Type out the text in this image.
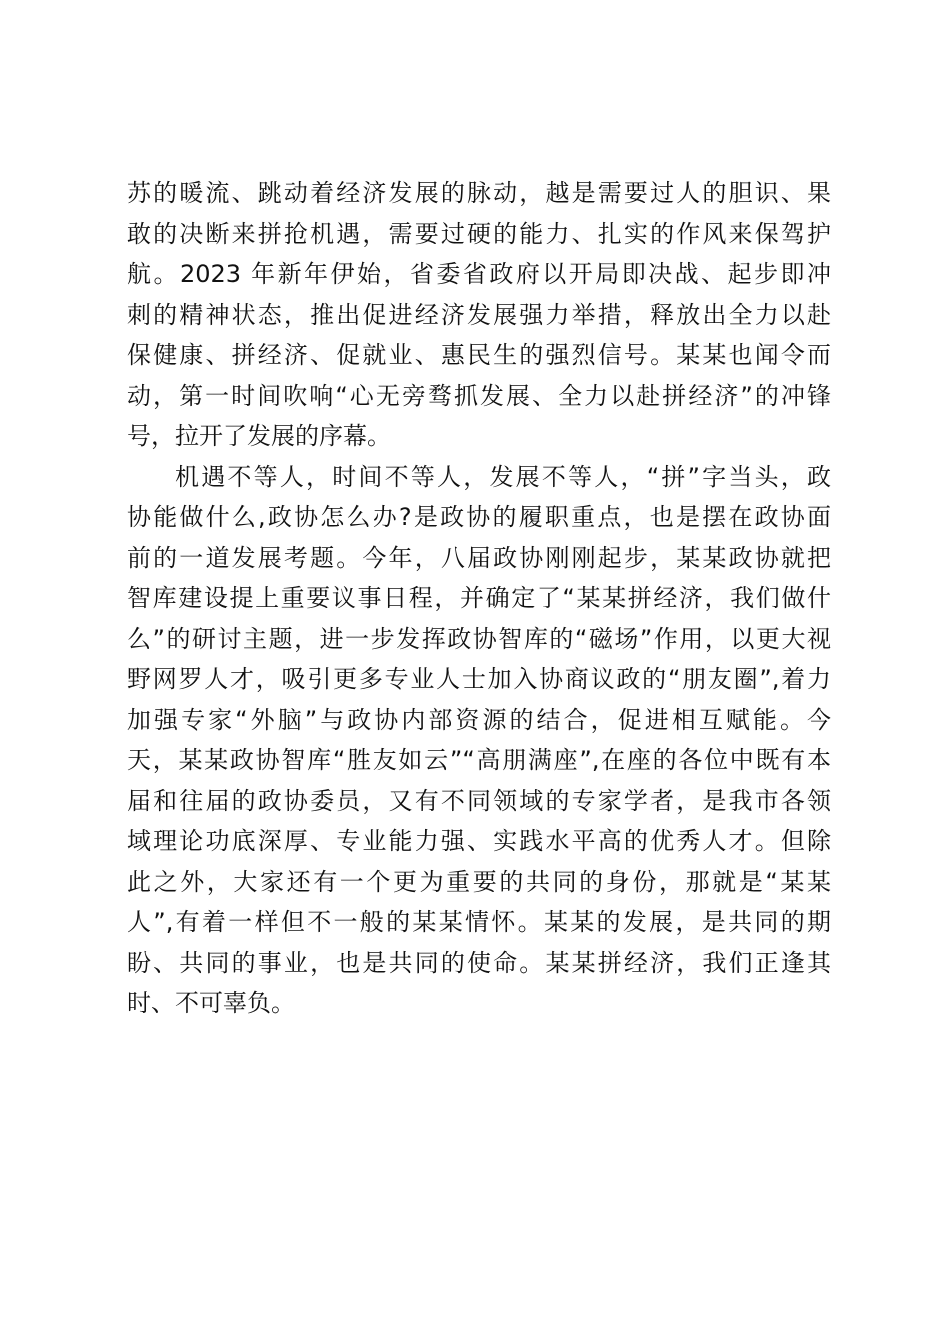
苏的暖流、跳动着经济发展的脉动，越是需要过人的胆识、果
敢的决断来拼抢机遇，需要过硬的能力、扎实的作风来保驾护
航。2023 年新年伊始，省委省政府以开局即决战、起步即冲
刺的精神状态，推出促进经济发展强力举措，释放出全力以赴
保健康、拼经济、促就业、惠民生的强烈信号。某某也闻令而
动，第一时间吹响“心无旁骛抓发展、全力以赴拼经济”的冲锋
号，拉开了发展的序幕。
机遇不等人，时间不等人，发展不等人，“拼”字当头，政
协能做什么,政协怎么办?是政协的履职重点，也是摆在政协面
前的一道发展考题。今年，八届政协刚刚起步，某某政协就把
智库建设提上重要议事日程，并确定了“某某拼经济，我们做什
么”的研讨主题，进一步发挥政协智库的“磁场”作用，以更大视
野网罗人才，吸引更多专业人士加入协商议政的“朋友圈”,着力
加强专家“外脑”与政协内部资源的结合，促进相互赋能。今
天，某某政协智库“胜友如云”“高朋满座”,在座的各位中既有本
届和往届的政协委员，又有不同领域的专家学者，是我市各领
域理论功底深厚、专业能力强、实践水平高的优秀人才。但除
此之外，大家还有一个更为重要的共同的身份，那就是“某某
人”,有着一样但不一般的某某情怀。某某的发展，是共同的期
盼、共同的事业，也是共同的使命。某某拼经济，我们正逢其
时、不可辜负。
